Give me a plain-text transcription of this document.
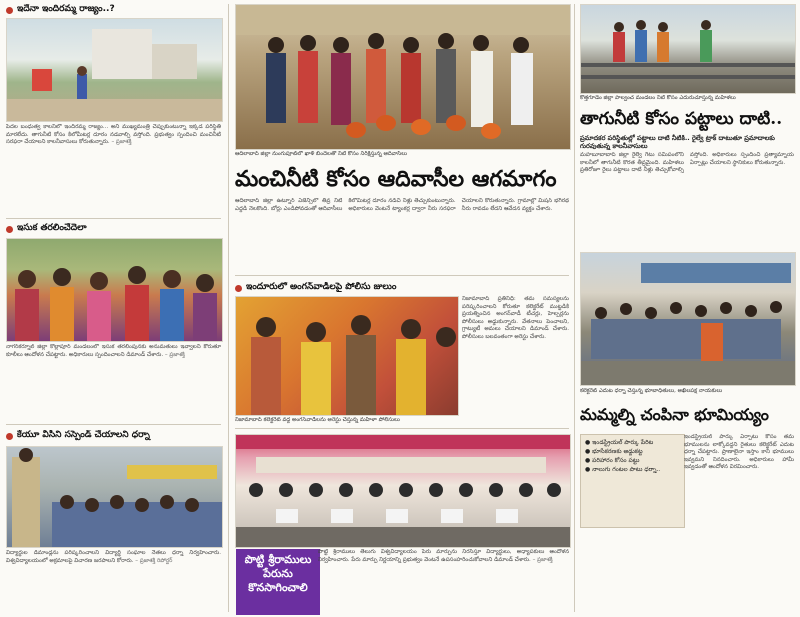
ఇదేనా ఇందిరమ్మ రాజ్యం..?
పేదల బంధుత్వ కాలనీలో ఇందిరమ్మ రాజ్యం... అని ముఖ్యమంత్రి చెప్పుకుంటున్నా ఇక్కడ పరిస్థితి మారలేదు. తాగునీటి కోసం కిలోమీటర్ల దూరం నడవాల్సి వస్తోంది. ప్రభుత్వం స్పందించి మంచినీటి సరఫరా చేయాలని కాలనీవాసులు కోరుతున్నారు. – ప్రజాశక్తి
ఇసుక తరలించేదెలా
నాగర్‌కర్నూల్ జిల్లా కొల్లాపూర్ మండలంలో ఇసుక తరలింపునకు అనుమతులు ఇవ్వాలని కోరుతూ కూలీలు ఆందోళన చేపట్టారు. అధికారులు స్పందించాలని డిమాండ్ చేశారు. – ప్రజాశక్తి
కేయూ వీసీని సస్పెండ్ చేయాలని ధర్నా
విద్యార్థుల డిమాండ్లను పరిష్కరించాలని విద్యార్థి సంఘాల నేతలు ధర్నా నిర్వహించారు. విశ్వవిద్యాలయంలో అక్రమాలపై విచారణ జరపాలని కోరారు. – ప్రజాశక్తి రిపోర్టర్
ఆదిలాబాద్ జిల్లా నుంగుపూట్‌లో ఖాళీ బిందెలతో నీటి కోసం నిరీక్షిస్తున్న ఆదివాసీలు
మంచినీటి కోసం ఆదివాసీల ఆగమాగం
ఆదిలాబాద్ జిల్లా ఉట్నూర్ ఏజెన్సీలో తీవ్ర నీటి ఎద్దడి నెలకొంది. బోర్లు ఎండిపోవడంతో ఆదివాసీలు కిలోమీటర్ల దూరం నడిచి నీళ్లు తెచ్చుకుంటున్నారు. అధికారులు వెంటనే ట్యాంకర్ల ద్వారా నీరు సరఫరా చేయాలని కోరుతున్నారు. గ్రామాల్లో మిషన్ భగీరథ నీరు రావడం లేదని ఆవేదన వ్యక్తం చేశారు.
ఇందూరులో అంగన్‌వాడీలపై పోలీసు జులుం
నిజామాబాద్ ప్రతినిధి: తమ సమస్యలను పరిష్కరించాలని కోరుతూ కలెక్టరేట్ ముట్టడికి ప్రయత్నించిన అంగన్‌వాడీ టీచర్లు, హెల్పర్లను పోలీసులు అడ్డుకున్నారు. వేతనాలు పెంచాలని, గ్రాట్యుటీ అమలు చేయాలని డిమాండ్ చేశారు. పోలీసులు బలవంతంగా అరెస్టు చేశారు.
నిజామాబాద్ కలెక్టరేట్ వద్ద అంగన్‌వాడీలను అరెస్టు చేస్తున్న మహిళా పోలీసులు
పొట్టి శ్రీరాములు పేరును కొనసాగించాలి
పొట్టి శ్రీరాములు తెలుగు విశ్వవిద్యాలయం పేరు మార్పును నిరసిస్తూ విద్యార్థులు, అధ్యాపకులు ఆందోళన నిర్వహించారు. పేరు మార్పు నిర్ణయాన్ని ప్రభుత్వం వెంటనే ఉపసంహరించుకోవాలని డిమాండ్ చేశారు. – ప్రజాశక్తి
కొత్తగూడెం జిల్లా పాల్వంచ మండలం నీటి కోసం ఎదురుచూస్తున్న మహిళలు
తాగునీటి కోసం పట్టాలు దాటి..
ప్రమాదకర పరిస్థితుల్లో పట్టాలు దాటి నీటికి.. రైల్వే ట్రాక్ దాటుతూ ప్రమాదాలకు గురవుతున్న కాలనీవాసులు
మహబూబాబాద్ జిల్లా రైల్వే గేటు సమీపంలోని కాలనీలో తాగునీటి కొరత తీవ్రమైంది. మహిళలు ప్రతిరోజూ రైలు పట్టాలు దాటి నీళ్లు తెచ్చుకోవాల్సి వస్తోంది. అధికారులు స్పందించి ప్రత్యామ్నాయ ఏర్పాట్లు చేయాలని స్థానికులు కోరుతున్నారు.
కలెక్టరేట్ ఎదుట ధర్నా చేస్తున్న భూబాధితులు, అఖిలపక్ష నాయకులు
మమ్మల్ని చంపినా భూమియ్యం
● ఇండస్ట్రియల్ పార్కు పేరిట
● భూసేకరణకు అడ్డుకట్ట
● పరిహారం కోసం పట్టు
● నాలుగు గంటల పాటు ధర్నా..
ఇండస్ట్రియల్ పార్కు ఏర్పాటు కోసం తమ భూములను లాక్కోవద్దని రైతులు కలెక్టరేట్ ఎదుట ధర్నా చేపట్టారు. ప్రాణాలైనా ఇస్తాం కానీ భూములు ఇవ్వమని నినదించారు. అధికారులు హామీ ఇవ్వడంతో ఆందోళన విరమించారు.
